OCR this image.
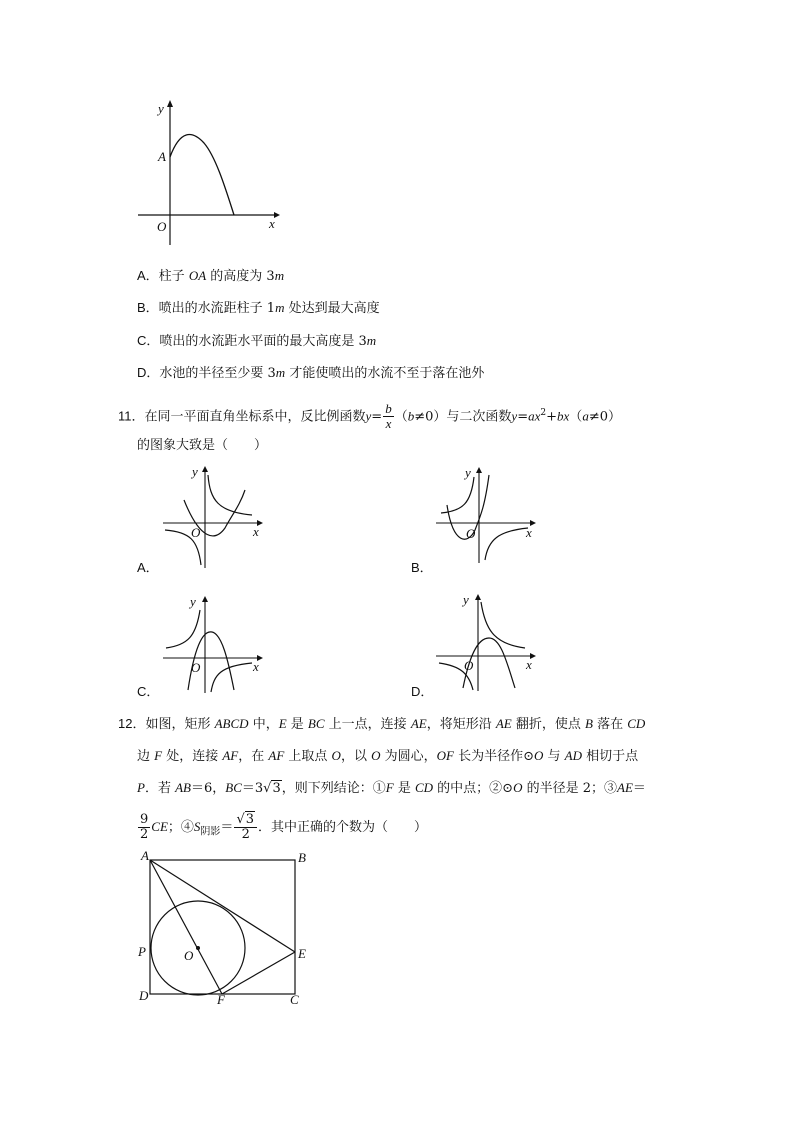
y
x
O
A
A．柱子 OA 的高度为 3m
B．喷出的水流距柱子 1m 处达到最大高度
C．喷出的水流距水平面的最大高度是 3m
D．水池的半径至少要 3m 才能使喷出的水流不至于落在池外
11．在同一平面直角坐标系中，反比例函数$y= \frac{b}{x} (b\ne 0)$与二次函数$y=ax^2+bx(a\ne 0)$
的图象大致是（　　）
y
x
O
A．
y
x
O
B．
y
x
O
C．
y
x
O
D．
12．如图，矩形 ABCD 中，E 是 BC 上一点，连接 AE，将矩形沿 AE 翻折，使点 B 落在 CD
边 F 处，连接 AF，在 AF 上取点 O，以 O 为圆心，OF 长为半径作⊙O 与 AD 相切于点
P．若 AB＝6，BC＝3√3，则下列结论：①F 是 CD 的中点；②⊙O 的半径是 2；③AE＝
$\frac{9}{2}$ CE；$④S_{阴影}= \frac{√3}{2}$ ．其中正确的个数为（　　）
A	B
E
P	O
D	F	C
